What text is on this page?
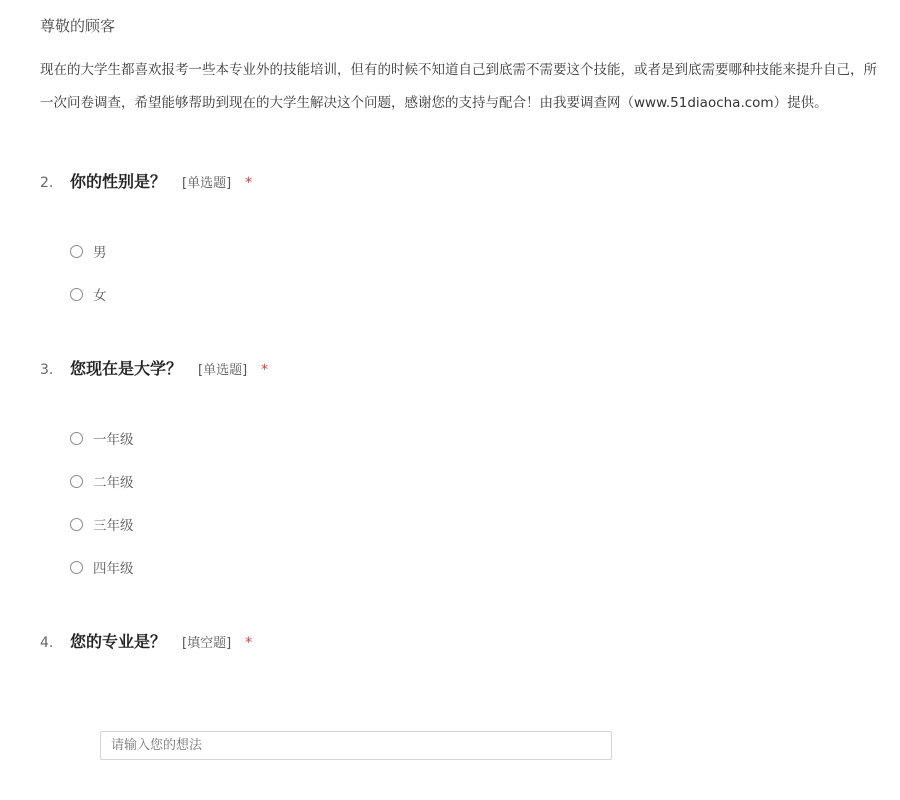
尊敬的顾客
现在的大学生都喜欢报考一些本专业外的技能培训，但有的时候不知道自己到底需不需要这个技能，或者是到底需要哪种技能来提升自己，所
一次问卷调查，希望能够帮助到现在的大学生解决这个问题，感谢您的支持与配合！由我要调查网（www.51diaocha.com）提供。
2.	你的性别是？ [单选题] *
男
女
3.	您现在是大学？ [单选题] *
一年级
二年级
三年级
四年级
4.	您的专业是？ [填空题] *
请输入您的想法
